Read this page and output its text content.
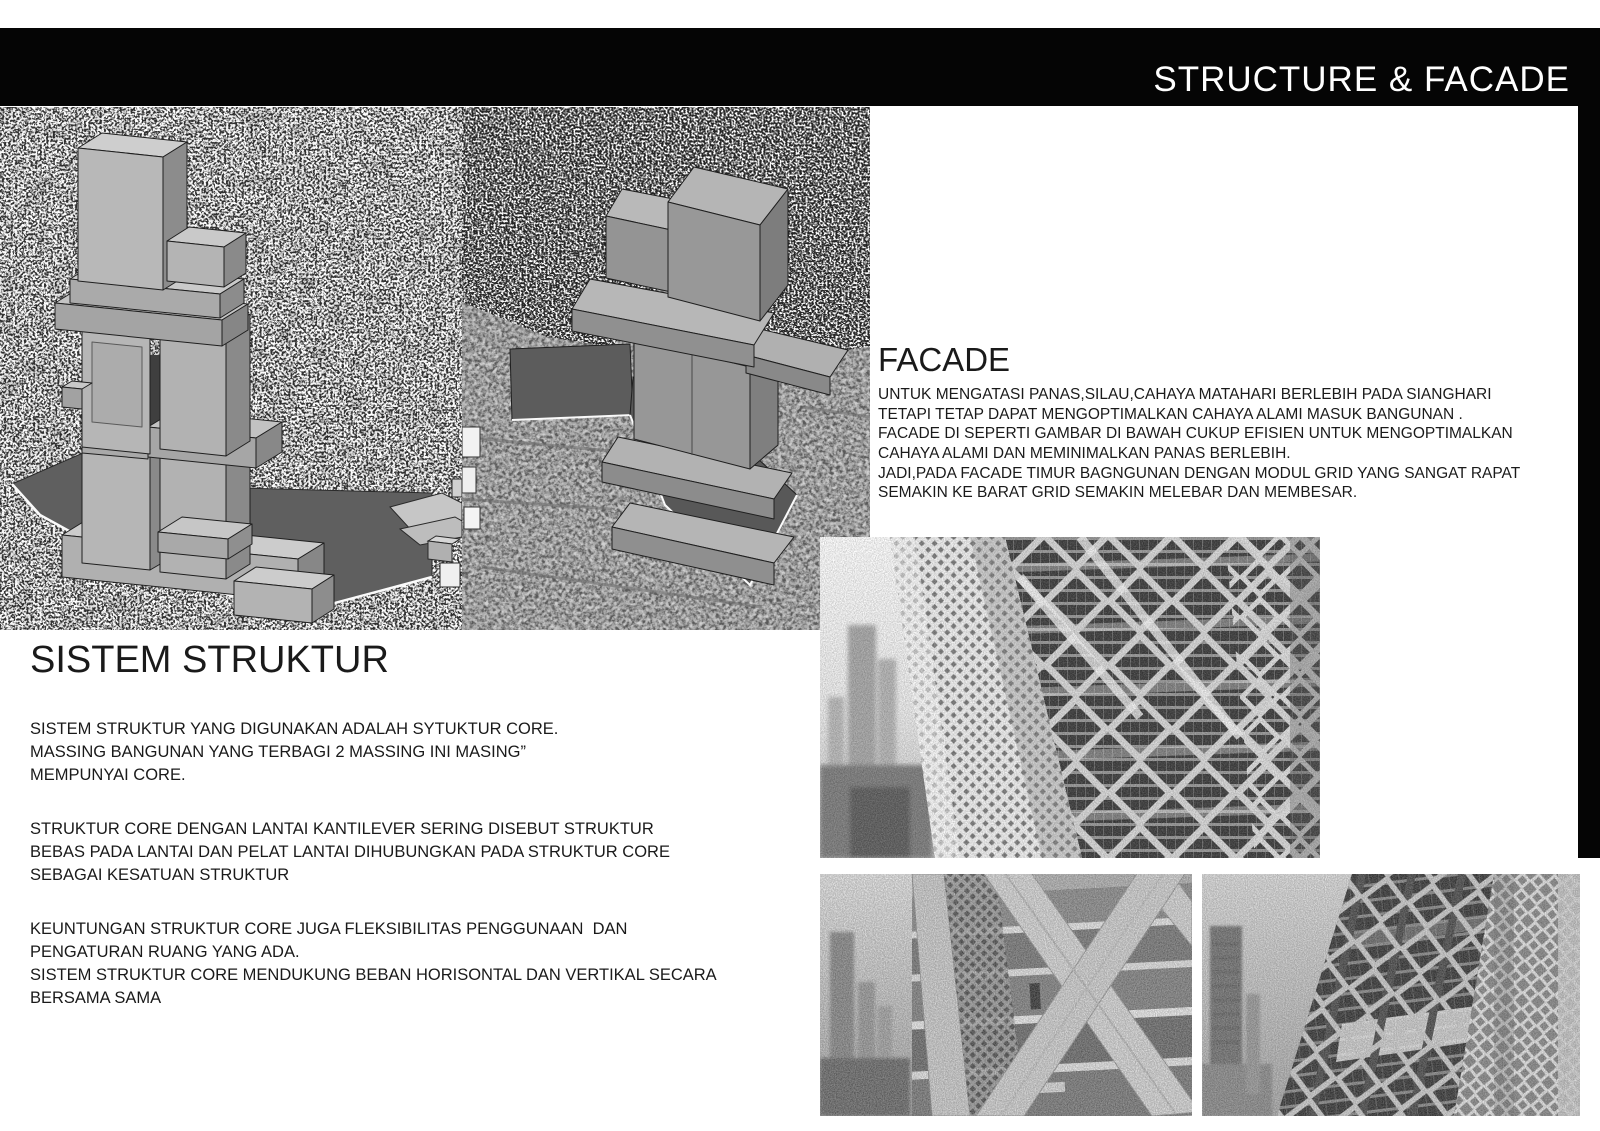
STRUCTURE & FACADE
FACADE
UNTUK MENGATASI PANAS,SILAU,CAHAYA MATAHARI BERLEBIH PADA SIANGHARI
TETAPI TETAP DAPAT MENGOPTIMALKAN CAHAYA ALAMI MASUK BANGUNAN .
FACADE DI SEPERTI GAMBAR DI BAWAH CUKUP EFISIEN UNTUK MENGOPTIMALKAN
CAHAYA ALAMI DAN MEMINIMALKAN PANAS BERLEBIH.
JADI,PADA FACADE TIMUR BAGNGUNAN DENGAN MODUL GRID YANG SANGAT RAPAT
SEMAKIN KE BARAT GRID SEMAKIN MELEBAR DAN MEMBESAR.
SISTEM STRUKTUR
SISTEM STRUKTUR YANG DIGUNAKAN ADALAH SYTUKTUR CORE.
MASSING BANGUNAN YANG TERBAGI 2 MASSING INI MASING”
MEMPUNYAI CORE.
STRUKTUR CORE DENGAN LANTAI KANTILEVER SERING DISEBUT STRUKTUR
BEBAS PADA LANTAI DAN PELAT LANTAI DIHUBUNGKAN PADA STRUKTUR CORE
SEBAGAI KESATUAN STRUKTUR
KEUNTUNGAN STRUKTUR CORE JUGA FLEKSIBILITAS PENGGUNAAN  DAN
PENGATURAN RUANG YANG ADA.
SISTEM STRUKTUR CORE MENDUKUNG BEBAN HORISONTAL DAN VERTIKAL SECARA
BERSAMA SAMA
